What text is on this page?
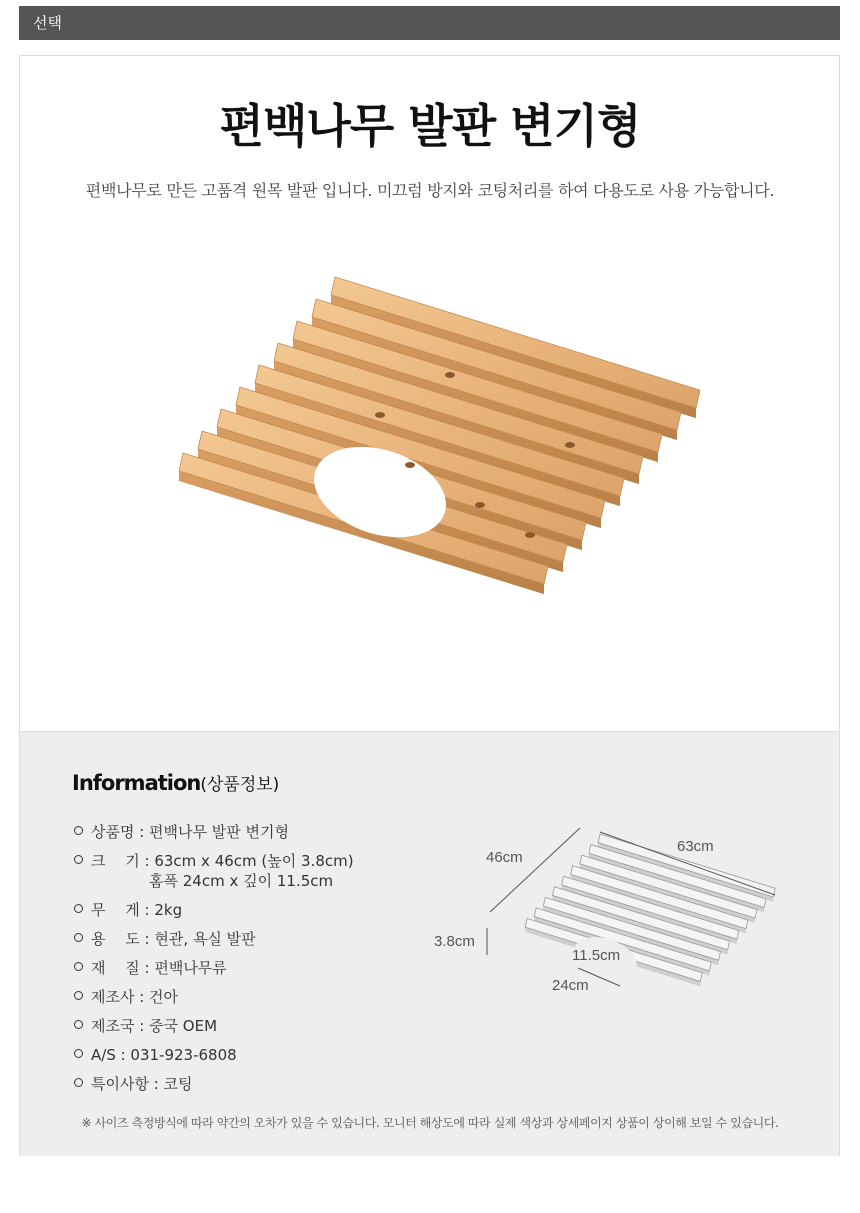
선택
편백나무 발판 변기형
편백나무로 만든 고품격 원목 발판 입니다. 미끄럼 방지와 코팅처리를 하여 다용도로 사용 가능합니다.
Information(상품정보)
상품명 : 편백나무 발판 변기형
크　 기 : 63cm x 46cm (높이 3.8cm)
홈폭 24cm x 깊이 11.5cm
무　 게 : 2kg
용　 도 : 현관, 욕실 발판
재　 질 : 편백나무류
제조사 : 건아
제조국 : 중국 OEM
A/S : 031-923-6808
특이사항 : 코팅
46cm
63cm
3.8cm
11.5cm
24cm
※ 사이즈 측정방식에 따라 약간의 오차가 있을 수 있습니다. 모니터 해상도에 따라 실제 색상과 상세페이지 상품이 상이해 보일 수 있습니다.
